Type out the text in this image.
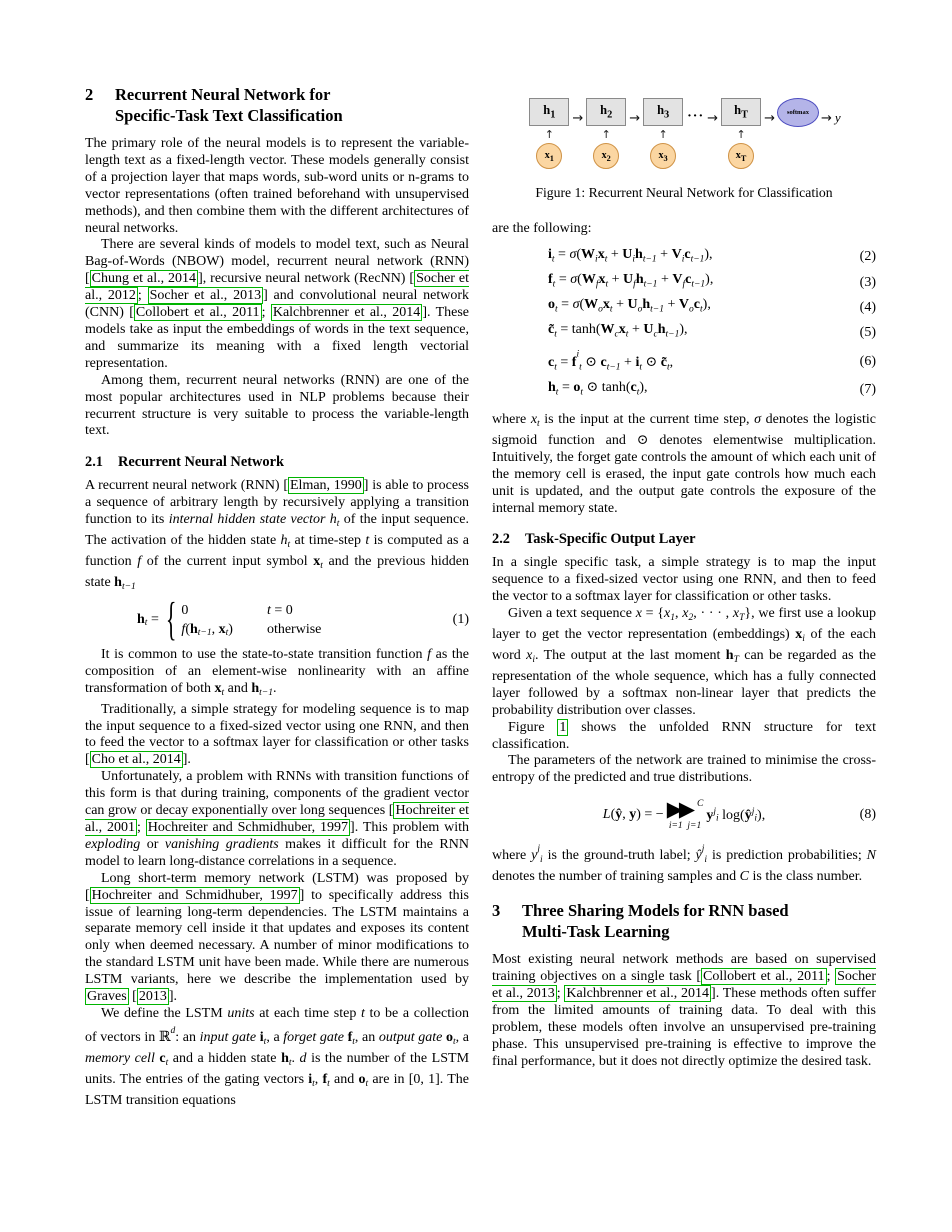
2	Recurrent Neural Network for
Specific-Task Text Classification

The primary role of the neural models is to represent the variable-length text as a fixed-length vector. These models generally consist of a projection layer that maps words, sub-word units or n-grams to vector representations (often trained beforehand with unsupervised methods), and then combine them with the different architectures of neural networks.

There are several kinds of models to model text, such as Neural Bag-of-Words (NBOW) model, recurrent neural network (RNN) [ Chung et al., 2014 ], recursive neural network (RecNN) [ Socher et al., 2012 ; Socher et al., 2013 ] and convolutional neural network (CNN) [ Collobert et al., 2011 ; Kalchbrenner et al., 2014 ]. These models take as input the embeddings of words in the text sequence, and summarize its meaning with a fixed length vectorial representation.

Among them, recurrent neural networks (RNN) are one of the most popular architectures used in NLP problems because their recurrent structure is very suitable to process the variable-length text.

2.1	Recurrent Neural Network

A recurrent neural network (RNN) [ Elman, 1990 ] is able to process a sequence of arbitrary length by recursively applying a transition function to its internal hidden state vector $h_t$ of the input sequence. The activation of the hidden state $h_t$ at time-step t is computed as a function f of the current input symbol $x_t$ and the previous hidden state $h_{t-1}$

ht = { 0	t = 0
f(ht−1, xt) otherwise
(1)

It is common to use the state-to-state transition function f as the composition of an element-wise nonlinearity with an affine transformation of both $x_t$ and $h_{t-1}$.

Traditionally, a simple strategy for modeling sequence is to map the input sequence to a fixed-sized vector using one RNN, and then to feed the vector to a softmax layer for classification or other tasks [ Cho et al., 2014 ].

Unfortunately, a problem with RNNs with transition functions of this form is that during training, components of the gradient vector can grow or decay exponentially over long sequences [ Hochreiter et al., 2001 ; Hochreiter and Schmidhuber, 1997 ]. This problem with exploding or vanishing gradients makes it difficult for the RNN model to learn long-distance correlations in a sequence.

Long short-term memory network (LSTM) was proposed by [ Hochreiter and Schmidhuber, 1997 ] to specifically address this issue of learning long-term dependencies. The LSTM maintains a separate memory cell inside it that updates and exposes its content only when deemed necessary. A number of minor modifications to the standard LSTM unit have been made. While there are numerous LSTM variants, here we describe the implementation used by Graves [ 2013 ].

We define the LSTM units at each time step t to be a collection of vectors in ℝ$^d$: an input gate $i_t$, a forget gate $f_t$, an output gate $o_t$, a memory cell $c_t$ and a hidden state $h_t$. d is the number of the LSTM units. The entries of the gating vectors $i_t$, $f_t$ and $o_t$ are in [0, 1]. The LSTM transition equations

$h_1$
↑
$x_1$
→
$h_2$
↑
$x_2$
→
$h_3$
↑
$x_3$
··· →
$h_T$
↑
$x_T$
→ softmax → y
Figure 1: Recurrent Neural Network for Classification

are the following:

$i_t = \sigma(W_ix_t + U_ih_{t-1} + V_ic_{t-1})$,	(2)
$f_t = \sigma(W_fx_t + U_fh_{t-1} + V_fc_{t-1})$,	(3)
$o_t = \sigma(W_ox_t + U_oh_{t-1} + V_oc_t)$,	(4)
$c̃_t = \tanh(W_cx_t + U_ch_{t-1})$,	(5)
$c_t = f^i_t$ ⊙ $c_{t-1} + i_t$ ⊙ $c̃_t$,	(6)
$h_t = o_t$ ⊙ $\tanh(c_t)$,	(7)

where $x_t$ is the input at the current time step, σ denotes the logistic sigmoid function and ⊙ denotes elementwise multiplication. Intuitively, the forget gate controls the amount of which each unit of the memory cell is erased, the input gate controls how much each unit is updated, and the output gate controls the exposure of the internal memory state.

2.2	Task-Specific Output Layer

In a single specific task, a simple strategy is to map the input sequence to a fixed-sized vector using one RNN, and then to feed the vector to a softmax layer for classification or other tasks.

Given a text sequence $x = \{x_1$, $x_2$, · · · , $x_T$}, we first use a lookup layer to get the vector representation (embeddings) $x_i$ of the each word $x_i$. The output at the last moment $h_T$ can be regarded as the representation of the whole sequence, which has a fully connected layer followed by a softmax non-linear layer that predicts the probability distribution over classes.

Figure 1 shows the unfolded RNN structure for text classification.

The parameters of the network are trained to minimise the cross-entropy of the predicted and true distributions.

L(ŷ, y) = − ▶▶ C
i=1  j=1
$y^ji$ $\log(ŷ^ji)$,	(8)

where $y^j_i$ is the ground-truth label; $ŷ^j_i$ is prediction probabilities; N denotes the number of training samples and C is the class number.

3	Three Sharing Models for RNN based
Multi-Task Learning

Most existing neural network methods are based on supervised training objectives on a single task [ Collobert et al., 2011 ; Socher et al., 2013 ; Kalchbrenner et al., 2014 ]. These methods often suffer from the limited amounts of training data. To deal with this problem, these models often involve an unsupervised pre-training phase. This unsupervised pre-training is effective to improve the final performance, but it does not directly optimize the desired task.
